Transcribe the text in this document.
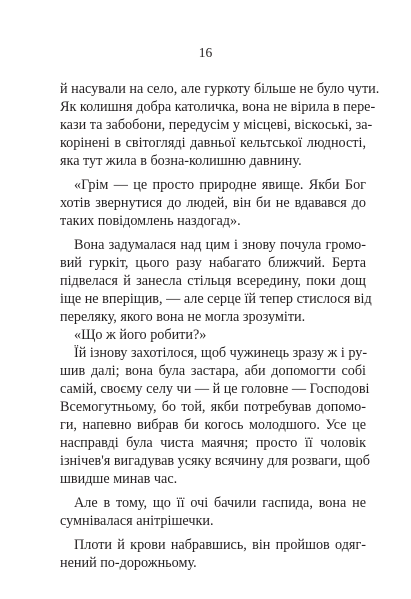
16
й насували на село, але гуркоту більше не було чути.
Як колишня добра католичка, вона не вірила в пере-
кази та забобони, передусім у місцеві, віскоські, за-
корінені в світогляді давньої кельтської людності,
яка тут жила в бозна-колишню давнину.
«Грім — це просто природне явище. Якби Бог
хотів звернутися до людей, він би не вдавався до
таких повідомлень наздогад».
Вона задумалася над цим і знову почула громо-
вий гуркіт, цього разу набагато ближчий. Берта
підвелася й занесла стільця всередину, поки дощ
іще не вперіщив, — але серце їй тепер стислося від
переляку, якого вона не могла зрозуміти.
«Що ж його робити?»
Їй ізнову захотілося, щоб чужинець зразу ж і ру-
шив далі; вона була застара, аби допомогти собі
самій, своєму селу чи — й це головне — Господові
Всемогутньому, бо той, якби потребував допомо-
ги, напевно вибрав би когось молодшого. Усе це
насправді була чиста маячня; просто її чоловік
ізнічев'я вигадував усяку всячину для розваги, щоб
швидше минав час.
Але в тому, що її очі бачили гаспида, вона не
сумнівалася анітрішечки.
Плоти й крови набравшись, він пройшов одяг-
нений по-дорожньому.
